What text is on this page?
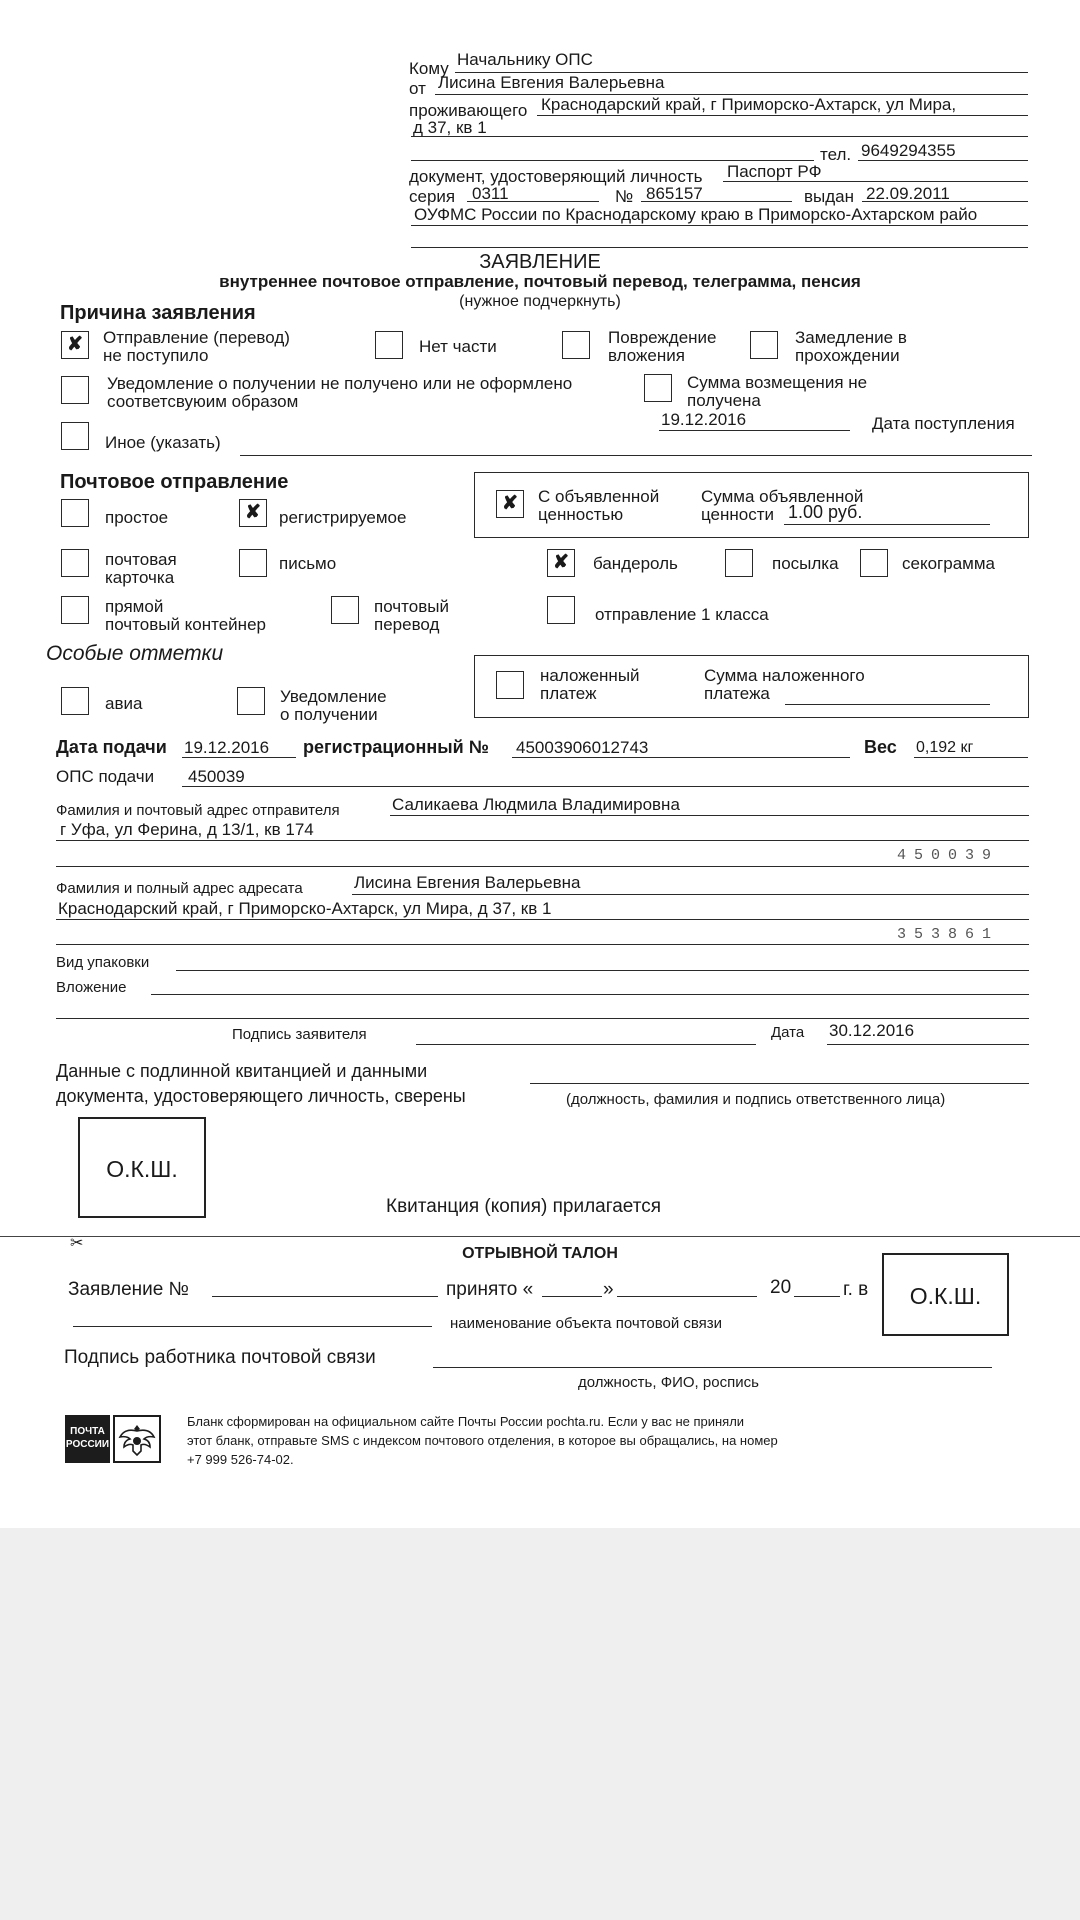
Кому Начальнику ОПС
от Лисина Евгения Валерьевна
проживающего Краснодарский край, г Приморско-Ахтарск, ул Мира,
д 37, кв 1
тел. 9649294355
документ, удостоверяющий личность Паспорт РФ
серия 0311	№ 865157	выдан 22.09.2011
ОУФМС России по Краснодарскому краю в Приморско-Ахтарском райо
ЗАЯВЛЕНИЕ
внутреннее почтовое отправление, почтовый перевод, телеграмма, пенсия
(нужное подчеркнуть)
Причина заявления
✘ Отправление (перевод)
не поступило	Нет части	Повреждение
вложения
Замедление в
прохождении
Уведомление о получении не получено или не оформлено
соответсвуюим образом
Сумма возмещения не
получена
19.12.2016	Дата поступления
Иное (указать)
Почтовое отправление
простое	✘ регистрируемое
✘ С объявленной
ценностью
Сумма объявленной
ценности 1.00 руб.
почтовая
карточка
письмо	✘ бандероль	посылка	секограмма
прямой
почтовый контейнер
почтовый
перевод
отправление 1 класса
Особые отметки
наложенный
платеж
Сумма наложенного
платежа
авиа	Уведомление
о получении
Дата подачи 19.12.2016 регистрационный № 45003906012743	Вес 0,192 кг
ОПС подачи 450039
Фамилия и почтовый адрес отправителя	Саликаева Людмила Владимировна
г Уфа, ул Ферина, д 13/1, кв 174
450039
Фамилия и полный адрес адресата	Лисина Евгения Валерьевна
Краснодарский край, г Приморско-Ахтарск, ул Мира, д 37, кв 1
353861
Вид упаковки
Вложение
Подпись заявителя	Дата 30.12.2016
Данные с подлинной квитанцией и данными
документа, удостоверяющего личность, сверены	(должность, фамилия и подпись ответственного лица)
О.К.Ш.
Квитанция (копия) прилагается
✂
ОТРЫВНОЙ ТАЛОН
Заявление №	принято «	»	20	г. в	О.К.Ш.
наименование объекта почтовой связи
Подпись работника почтовой связи
должность, ФИО, роспись
ПОЧТА
РОССИИ
Бланк сформирован на официальном сайте Почты России pochta.ru. Если у вас не приняли
этот бланк, отправьте SMS с индексом почтового отделения, в которое вы обращались, на номер
+7 999 526-74-02.
